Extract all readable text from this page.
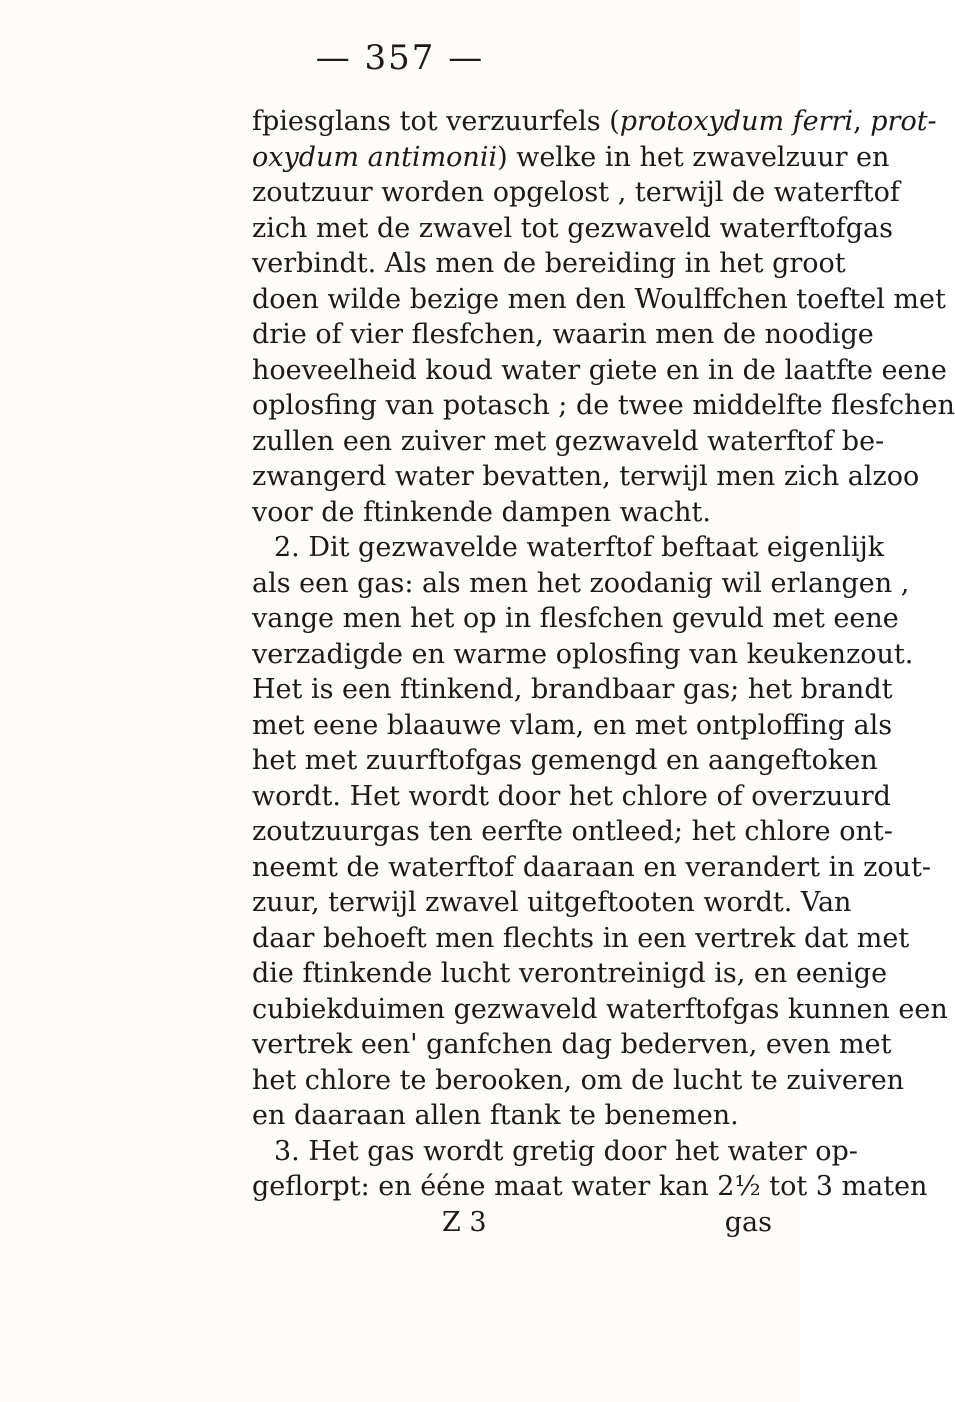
— 357 —
fpiesglans tot verzuurfels (protoxydum ferri, prot-
oxydum antimonii) welke in het zwavelzuur en
zoutzuur worden opgelost , terwijl de waterftof
zich met de zwavel tot gezwaveld waterftofgas
verbindt. Als men de bereiding in het groot
doen wilde bezige men den Woulffchen toeftel met
drie of vier flesfchen, waarin men de noodige
hoeveelheid koud water giete en in de laatfte eene
oplosfing van potasch ; de twee middelfte flesfchen
zullen een zuiver met gezwaveld waterftof be-
zwangerd water bevatten, terwijl men zich alzoo
voor de ftinkende dampen wacht.
2. Dit gezwavelde waterftof beftaat eigenlijk
als een gas: als men het zoodanig wil erlangen ,
vange men het op in flesfchen gevuld met eene
verzadigde en warme oplosfing van keukenzout.
Het is een ftinkend, brandbaar gas; het brandt
met eene blaauwe vlam, en met ontploffing als
het met zuurftofgas gemengd en aangeftoken
wordt. Het wordt door het chlore of overzuurd
zoutzuurgas ten eerfte ontleed; het chlore ont-
neemt de waterftof daaraan en verandert in zout-
zuur, terwijl zwavel uitgeftooten wordt. Van
daar behoeft men flechts in een vertrek dat met
die ftinkende lucht verontreinigd is, en eenige
cubiekduimen gezwaveld waterftofgas kunnen een
vertrek een' ganfchen dag bederven, even met
het chlore te berooken, om de lucht te zuiveren
en daaraan allen ftank te benemen.
3. Het gas wordt gretig door het water op-
geflorpt: en ééne maat water kan 2½ tot 3 maten
Z 3	gas
